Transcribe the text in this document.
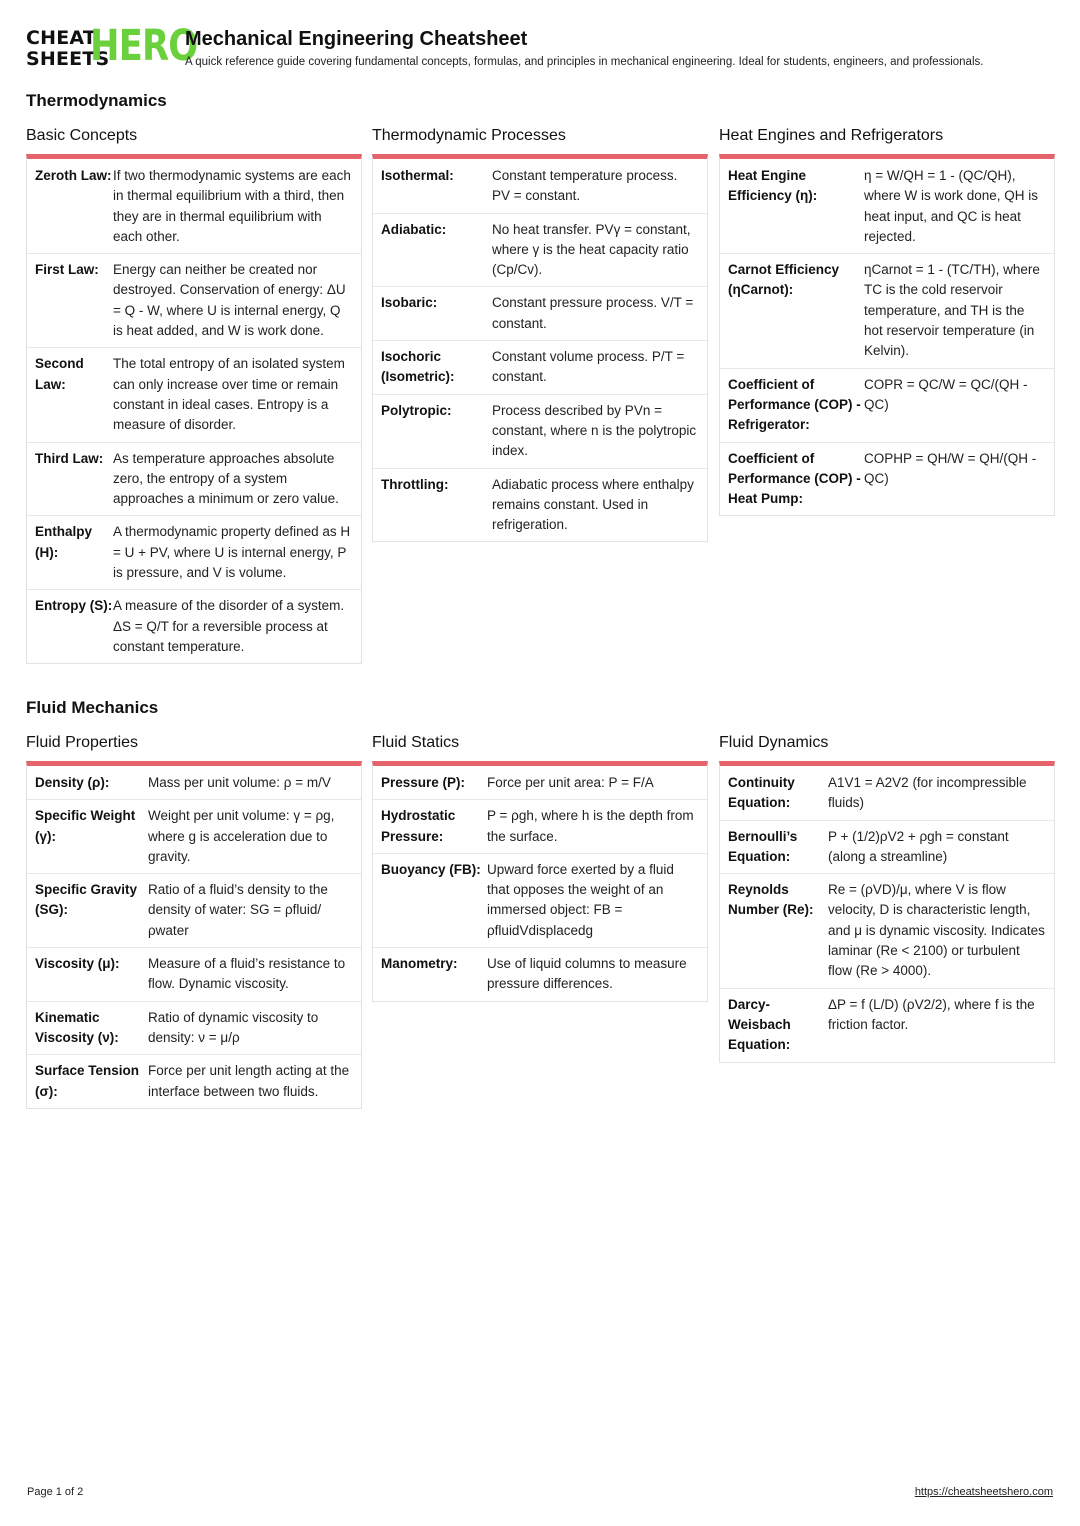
CHEAT
SHEETS
HERO
Mechanical Engineering Cheatsheet
A quick reference guide covering fundamental concepts, formulas, and principles in mechanical engineering. Ideal for students, engineers, and professionals.
Thermodynamics
Basic Concepts
Zeroth Law: If two thermodynamic systems are each in thermal equilibrium with a third, then they are in thermal equilibrium with each other.
First Law:	Energy can neither be created nor destroyed. Conservation of energy: ΔU = Q - W, where U is internal energy, Q is heat added, and W is work done.
Second Law:
The total entropy of an isolated system can only increase over time or remain constant in ideal cases. Entropy is a measure of disorder.
Third Law: As temperature approaches absolute zero, the entropy of a system approaches a minimum or zero value.
Enthalpy (H):
A thermodynamic property defined as H = U + PV, where U is internal energy, P is pressure, and V is volume.
Entropy (S): A measure of the disorder of a system. ΔS = Q/T for a reversible process at constant temperature.
Thermodynamic Processes
Isothermal:	Constant temperature process. PV = constant.
Adiabatic:	No heat transfer. PVγ = constant, where γ is the heat capacity ratio (Cp/Cv).
Isobaric:	Constant pressure process. V/T = constant.
Isochoric (Isometric):
Constant volume process. P/T = constant.
Polytropic:	Process described by PVn = constant, where n is the polytropic index.
Throttling:	Adiabatic process where enthalpy remains constant. Used in refrigeration.
Heat Engines and Refrigerators
Heat Engine Efficiency (η):
η = W/QH = 1 - (QC/QH), where W is work done, QH is heat input, and QC is heat rejected.
Carnot Efficiency (ηCarnot):
ηCarnot = 1 - (TC/TH), where TC is the cold reservoir temperature, and TH is the hot reservoir temperature (in Kelvin).
Coefficient of Performance (COP) - Refrigerator:
COPR = QC/W = QC/(QH - QC)
Coefficient of Performance (COP) - Heat Pump:
COPHP = QH/W = QH/(QH - QC)
Fluid Mechanics
Fluid Properties
Density (ρ):	Mass per unit volume: ρ = m/V
Specific Weight (γ):
Weight per unit volume: γ = ρg, where g is acceleration due to gravity.
Specific Gravity (SG):
Ratio of a fluid’s density to the density of water: SG = ρfluid/ ρwater
Viscosity (μ):	Measure of a fluid’s resistance to flow. Dynamic viscosity.
Kinematic Viscosity (ν):
Ratio of dynamic viscosity to density: ν = μ/ρ
Surface Tension (σ):
Force per unit length acting at the interface between two fluids.
Fluid Statics
Pressure (P):	Force per unit area: P = F/A
Hydrostatic Pressure:
P = ρgh, where h is the depth from the surface.
Buoyancy (FB): Upward force exerted by a fluid that opposes the weight of an immersed object: FB = ρfluidVdisplacedg
Manometry:	Use of liquid columns to measure pressure differences.
Fluid Dynamics
Continuity Equation:
A1V1 = A2V2 (for incompressible fluids)
Bernoulli’s Equation:
P + (1/2)ρV2 + ρgh = constant (along a streamline)
Reynolds Number (Re):
Re = (ρVD)/μ, where V is flow velocity, D is characteristic length, and μ is dynamic viscosity. Indicates laminar (Re < 2100) or turbulent flow (Re > 4000).
Darcy-Weisbach Equation:
ΔP = f (L/D) (ρV2/2), where f is the friction factor.
Page 1 of 2	https://cheatsheetshero.com
